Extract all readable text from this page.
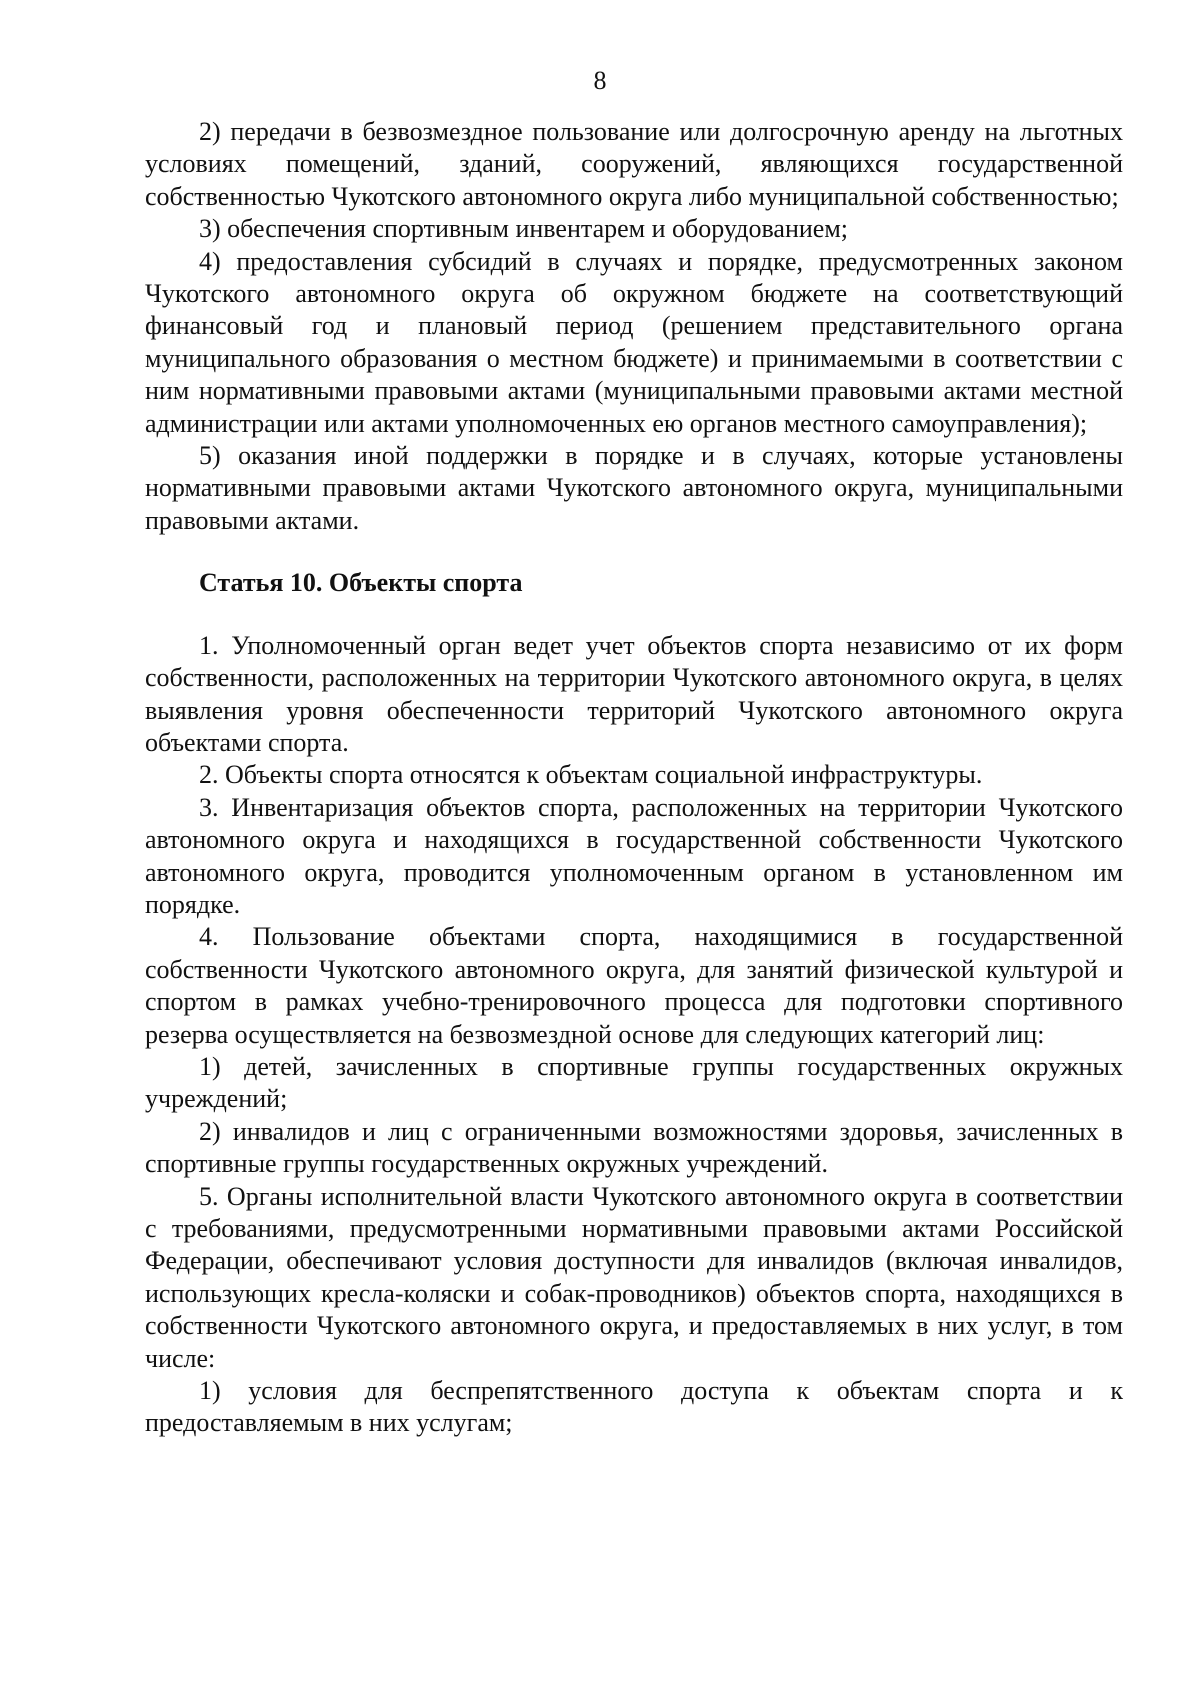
8

2) передачи в безвозмездное пользование или долгосрочную аренду на льготных условиях помещений, зданий, сооружений, являющихся государственной собственностью Чукотского автономного округа либо муниципальной собственностью;

3) обеспечения спортивным инвентарем и оборудованием;

4) предоставления субсидий в случаях и порядке, предусмотренных законом Чукотского автономного округа об окружном бюджете на соответствующий финансовый год и плановый период (решением представительного органа муниципального образования о местном бюджете) и принимаемыми в соответствии с ним нормативными правовыми актами (муниципальными правовыми актами местной администрации или актами уполномоченных ею органов местного самоуправления);

5) оказания иной поддержки в порядке и в случаях, которые установлены нормативными правовыми актами Чукотского автономного округа, муниципальными правовыми актами.

Статья 10. Объекты спорта

1. Уполномоченный орган ведет учет объектов спорта независимо от их форм собственности, расположенных на территории Чукотского автономного округа, в целях выявления уровня обеспеченности территорий Чукотского автономного округа объектами спорта.

2. Объекты спорта относятся к объектам социальной инфраструктуры.

3. Инвентаризация объектов спорта, расположенных на территории Чукотского автономного округа и находящихся в государственной собственности Чукотского автономного округа, проводится уполномоченным органом в установленном им порядке.

4. Пользование объектами спорта, находящимися в государственной собственности Чукотского автономного округа, для занятий физической культурой и спортом в рамках учебно-тренировочного процесса для подготовки спортивного резерва осуществляется на безвозмездной основе для следующих категорий лиц:

1) детей, зачисленных в спортивные группы государственных окружных учреждений;

2) инвалидов и лиц с ограниченными возможностями здоровья, зачисленных в спортивные группы государственных окружных учреждений.

5. Органы исполнительной власти Чукотского автономного округа в соответствии с требованиями, предусмотренными нормативными правовыми актами Российской Федерации, обеспечивают условия доступности для инвалидов (включая инвалидов, использующих кресла-коляски и собак-проводников) объектов спорта, находящихся в собственности Чукотского автономного округа, и предоставляемых в них услуг, в том числе:

1) условия для беспрепятственного доступа к объектам спорта и к предоставляемым в них услугам;
